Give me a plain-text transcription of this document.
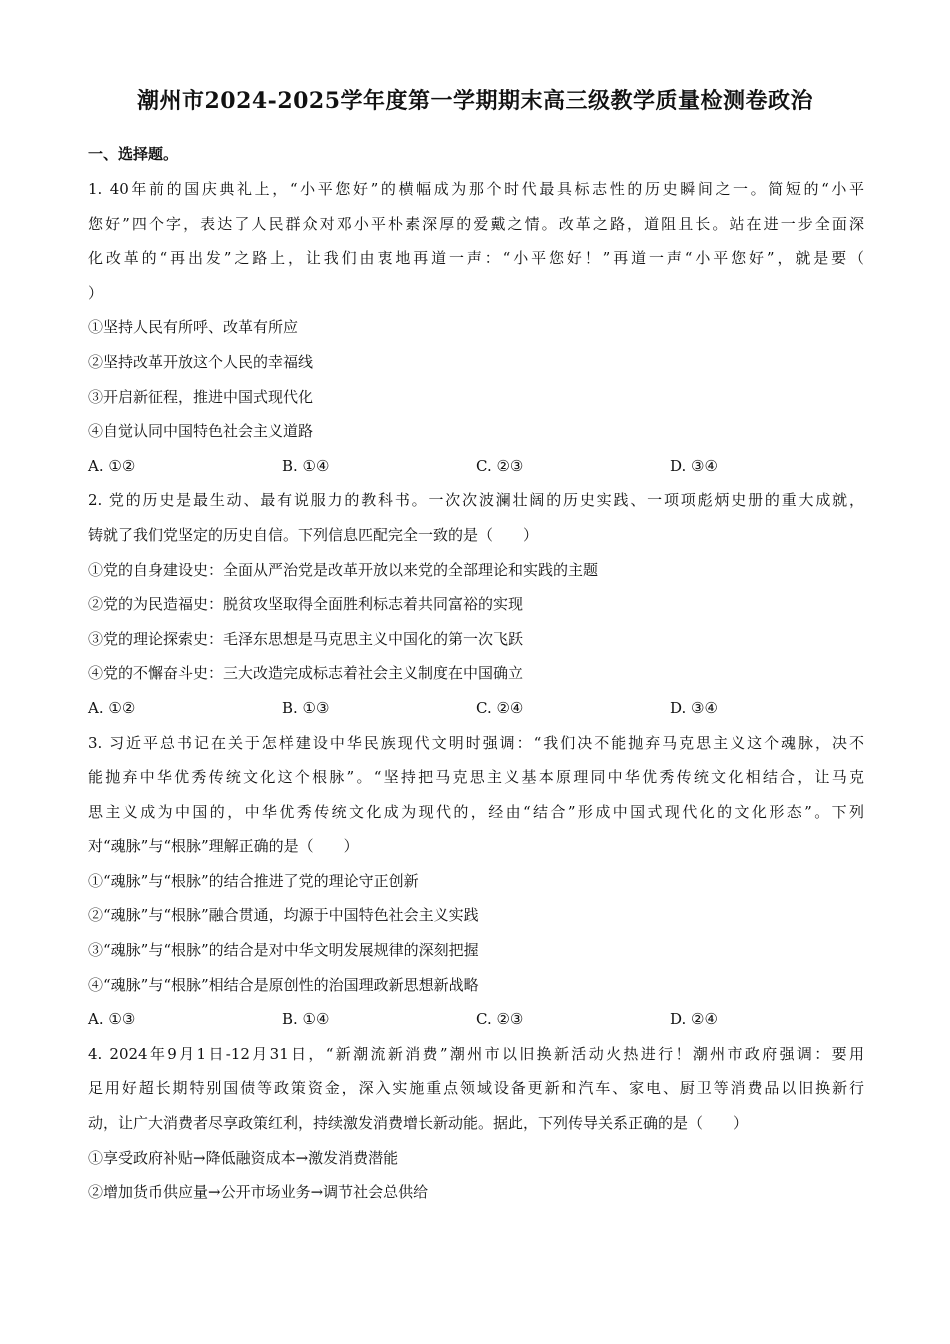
潮州市2024-2025学年度第一学期期末高三级教学质量检测卷政治
一、选择题。
1. 40年前的国庆典礼上，“小平您好”的横幅成为那个时代最具标志性的历史瞬间之一。简短的“小平
您好”四个字，表达了人民群众对邓小平朴素深厚的爱戴之情。改革之路，道阻且长。站在进一步全面深
化改革的“再出发”之路上，让我们由衷地再道一声：“小平您好！”再道一声“小平您好”，就是要（
）
①坚持人民有所呼、改革有所应
②坚持改革开放这个人民的幸福线
③开启新征程，推进中国式现代化
④自觉认同中国特色社会主义道路
A. ①②	B. ①④	C. ②③	D. ③④
2. 党的历史是最生动、最有说服力的教科书。一次次波澜壮阔的历史实践、一项项彪炳史册的重大成就，
铸就了我们党坚定的历史自信。下列信息匹配完全一致的是（　　）
①党的自身建设史：全面从严治党是改革开放以来党的全部理论和实践的主题
②党的为民造福史：脱贫攻坚取得全面胜利标志着共同富裕的实现
③党的理论探索史：毛泽东思想是马克思主义中国化的第一次飞跃
④党的不懈奋斗史：三大改造完成标志着社会主义制度在中国确立
A. ①②	B. ①③	C. ②④	D. ③④
3. 习近平总书记在关于怎样建设中华民族现代文明时强调：“我们决不能抛弃马克思主义这个魂脉，决不
能抛弃中华优秀传统文化这个根脉”。“坚持把马克思主义基本原理同中华优秀传统文化相结合，让马克
思主义成为中国的，中华优秀传统文化成为现代的，经由“结合”形成中国式现代化的文化形态”。下列
对“魂脉”与“根脉”理解正确的是（　　）
①“魂脉”与“根脉”的结合推进了党的理论守正创新
②“魂脉”与“根脉”融合贯通，均源于中国特色社会主义实践
③“魂脉”与“根脉”的结合是对中华文明发展规律的深刻把握
④“魂脉”与“根脉”相结合是原创性的治国理政新思想新战略
A. ①③	B. ①④	C. ②③	D. ②④
4. 2024年9月1日-12月31日，“新潮流新消费”潮州市以旧换新活动火热进行！潮州市政府强调：要用
足用好超长期特别国债等政策资金，深入实施重点领域设备更新和汽车、家电、厨卫等消费品以旧换新行
动，让广大消费者尽享政策红利，持续激发消费增长新动能。据此，下列传导关系正确的是（　　）
①享受政府补贴→降低融资成本→激发消费潜能
②增加货币供应量→公开市场业务→调节社会总供给
